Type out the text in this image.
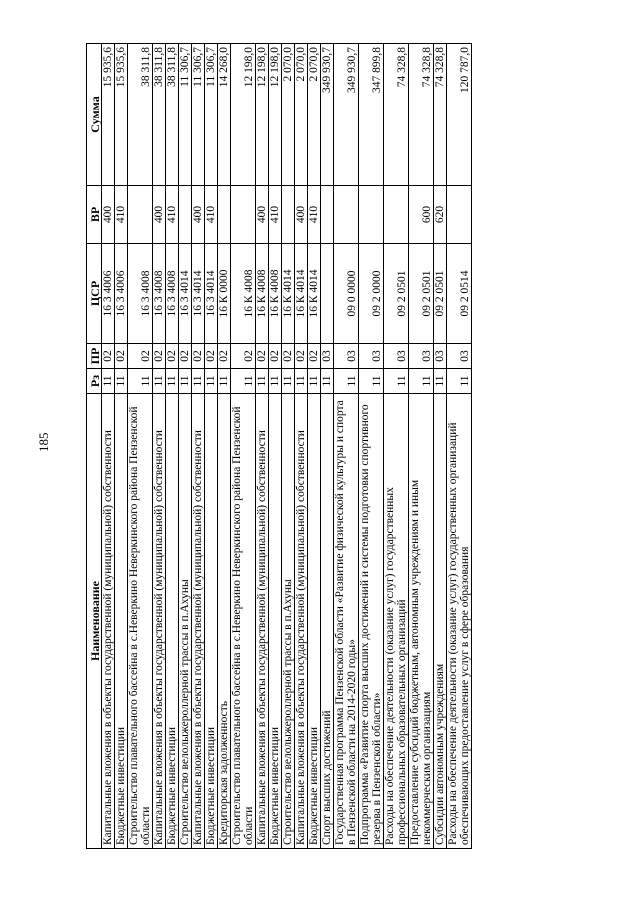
185
Наименование	Рз	ПР	ЦСР	ВР	Сумма
Капитальные вложения в объекты государственной (муниципальной) собственности	11	02	16 3 4006	400	15 935,6
Бюджетные инвестиции	11	02	16 3 4006	410	15 935,6
Строительство плавательного бассейна в с.Неверкино Неверкинского района Пензенской области	11	02	16 3 4008		38 311,8
Капитальные вложения в объекты государственной (муниципальной) собственности	11	02	16 3 4008	400	38 311,8
Бюджетные инвестиции	11	02	16 3 4008	410	38 311,8
Строительство велолыжероллерной трассы в п.Ахуны	11	02	16 3 4014		11 306,7
Капитальные вложения в объекты государственной (муниципальной) собственности	11	02	16 3 4014	400	11 306,7
Бюджетные инвестиции	11	02	16 3 4014	410	11 306,7
Кредиторская задолженность	11	02	16 К 0000		14 268,0
Строительство плавательного бассейна в с.Неверкино Неверкинского района Пензенской области	11	02	16 К 4008		12 198,0
Капитальные вложения в объекты государственной (муниципальной) собственности	11	02	16 К 4008	400	12 198,0
Бюджетные инвестиции	11	02	16 К 4008	410	12 198,0
Строительство велолыжероллерной трассы в п.Ахуны	11	02	16 К 4014		2 070,0
Капитальные вложения в объекты государственной (муниципальной) собственности	11	02	16 К 4014	400	2 070,0
Бюджетные инвестиции	11	02	16 К 4014	410	2 070,0
Спорт высших достижений	11	03			349 930,7
Государственная программа Пензенской области «Развитие физической культуры и спорта в Пензенской области на 2014-2020 годы»	11	03	09 0 0000		349 930,7
Подпрограмма «Развитие спорта высших достижений и системы подготовки спортивного резерва в Пензенской области»	11	03	09 2 0000		347 899,8
Расходы на обеспечение деятельности (оказание услуг) государственных профессиональных образовательных организаций	11	03	09 2 0501		74 328,8
Предоставление субсидий бюджетным, автономным учреждениям и иным некоммерческим организациям	11	03	09 2 0501	600	74 328,8
Субсидии автономным учреждениям	11	03	09 2 0501	620	74 328,8
Расходы на обеспечение деятельности (оказание услуг) государственных организаций обеспечивающих предоставление услуг в сфере образования	11	03	09 2 0514		120 787,0
